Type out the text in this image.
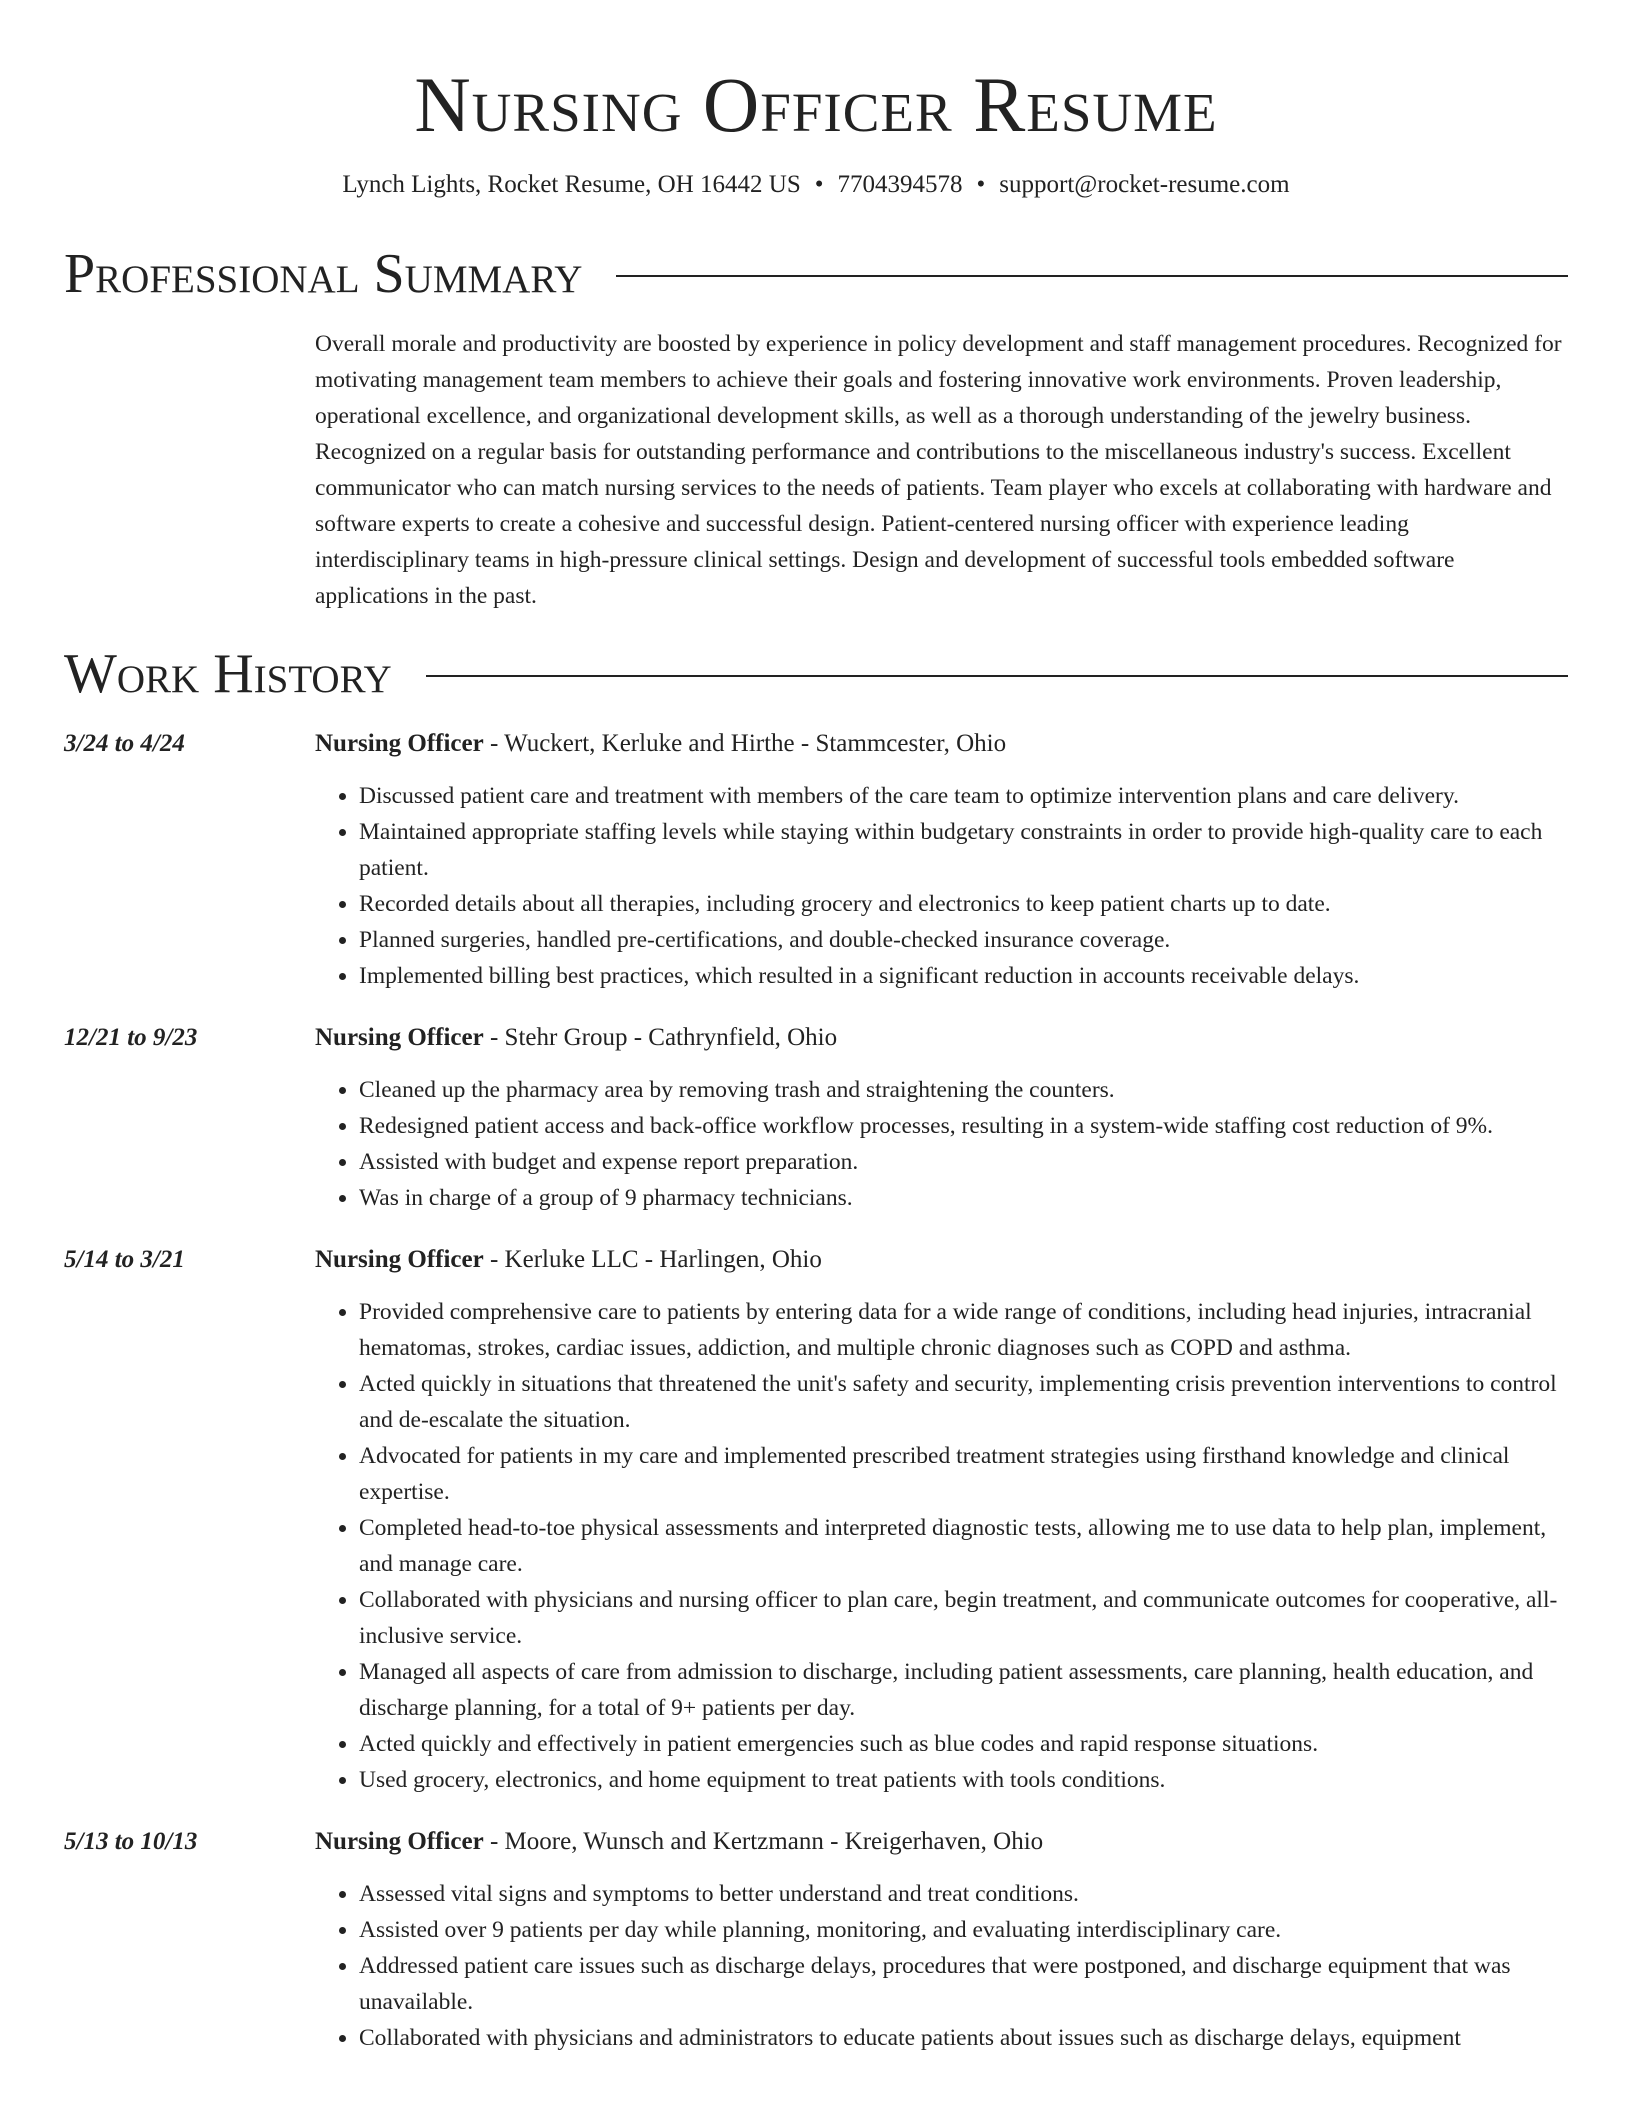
Nursing Officer Resume
Lynch Lights, Rocket Resume, OH 16442 US • 7704394578 • support@rocket-resume.com
Professional Summary
Overall morale and productivity are boosted by experience in policy development and staff management procedures. Recognized for motivating management team members to achieve their goals and fostering innovative work environments. Proven leadership, operational excellence, and organizational development skills, as well as a thorough understanding of the jewelry business. Recognized on a regular basis for outstanding performance and contributions to the miscellaneous industry's success. Excellent communicator who can match nursing services to the needs of patients. Team player who excels at collaborating with hardware and software experts to create a cohesive and successful design. Patient-centered nursing officer with experience leading interdisciplinary teams in high-pressure clinical settings. Design and development of successful tools embedded software applications in the past.
Work History
3/24 to 4/24	Nursing Officer - Wuckert, Kerluke and Hirthe - Stammcester, Ohio
• Discussed patient care and treatment with members of the care team to optimize intervention plans and care delivery.
• Maintained appropriate staffing levels while staying within budgetary constraints in order to provide high-quality care to each patient.
• Recorded details about all therapies, including grocery and electronics to keep patient charts up to date.
• Planned surgeries, handled pre-certifications, and double-checked insurance coverage.
• Implemented billing best practices, which resulted in a significant reduction in accounts receivable delays.
12/21 to 9/23	Nursing Officer - Stehr Group - Cathrynfield, Ohio
• Cleaned up the pharmacy area by removing trash and straightening the counters.
• Redesigned patient access and back-office workflow processes, resulting in a system-wide staffing cost reduction of 9%.
• Assisted with budget and expense report preparation.
• Was in charge of a group of 9 pharmacy technicians.
5/14 to 3/21	Nursing Officer - Kerluke LLC - Harlingen, Ohio
• Provided comprehensive care to patients by entering data for a wide range of conditions, including head injuries, intracranial hematomas, strokes, cardiac issues, addiction, and multiple chronic diagnoses such as COPD and asthma.
• Acted quickly in situations that threatened the unit's safety and security, implementing crisis prevention interventions to control and de-escalate the situation.
• Advocated for patients in my care and implemented prescribed treatment strategies using firsthand knowledge and clinical expertise.
• Completed head-to-toe physical assessments and interpreted diagnostic tests, allowing me to use data to help plan, implement, and manage care.
• Collaborated with physicians and nursing officer to plan care, begin treatment, and communicate outcomes for cooperative, all-inclusive service.
• Managed all aspects of care from admission to discharge, including patient assessments, care planning, health education, and discharge planning, for a total of 9+ patients per day.
• Acted quickly and effectively in patient emergencies such as blue codes and rapid response situations.
• Used grocery, electronics, and home equipment to treat patients with tools conditions.
5/13 to 10/13	Nursing Officer - Moore, Wunsch and Kertzmann - Kreigerhaven, Ohio
• Assessed vital signs and symptoms to better understand and treat conditions.
• Assisted over 9 patients per day while planning, monitoring, and evaluating interdisciplinary care.
• Addressed patient care issues such as discharge delays, procedures that were postponed, and discharge equipment that was unavailable.
• Collaborated with physicians and administrators to educate patients about issues such as discharge delays, equipment
